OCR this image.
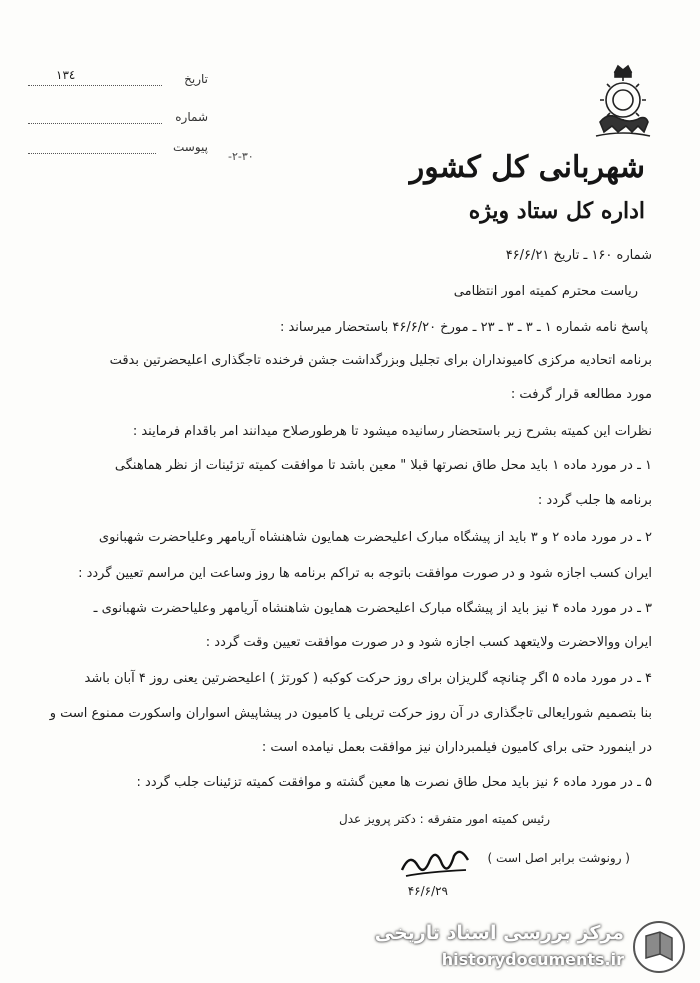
تاریخ
١٣٤
شماره
پیوست
-۲-۳۰	شهربانی کل کشور
اداره کل ستاد ویژه
شماره ۱۶۰ ـ تاریخ ۴۶/۶/۲۱
ریاست محترم کمیته امور انتظامی
پاسخ نامه شماره ۱ ـ ۳ ـ ۳ ـ ۲۳ ـ مورخ ۴۶/۶/۲۰ باستحضار میرساند :
برنامه اتحادیه مرکزی کامیونداران برای تجلیل وبزرگداشت جشن فرخنده تاجگذاری اعلیحضرتین بدقت
مورد مطالعه قرار گرفت :
نظرات این کمیته بشرح زیر باستحضار رسانیده میشود تا هرطورصلاح میدانند امر باقدام فرمایند :
۱ ـ در مورد ماده ۱ باید محل طاق نصرتها قبلا " معین باشد تا موافقت کمیته تزئینات از نظر هماهنگی
برنامه ها جلب گردد :
۲ ـ در مورد ماده ۲ و ۳ باید از پیشگاه مبارک اعلیحضرت همایون شاهنشاه آریامهر وعلیاحضرت شهبانوی
ایران کسب اجازه شود و در صورت موافقت باتوجه به تراکم برنامه ها روز وساعت این مراسم تعیین گردد :
۳ ـ در مورد ماده ۴ نیز باید از پیشگاه مبارک اعلیحضرت همایون شاهنشاه آریامهر وعلیاحضرت شهبانوی ـ
ایران ووالاحضرت ولایتعهد کسب اجازه شود و در صورت موافقت تعیین وقت گردد :
۴ ـ در مورد ماده ۵ اگر چنانچه گلریزان برای روز حرکت کوکبه ( کورتژ ) اعلیحضرتین یعنی روز ۴ آبان باشد
بنا بتصمیم شورایعالی تاجگذاری در آن روز حرکت تریلی یا کامیون در پیشاپیش اسواران واسکورت ممنوع است و
در اینمورد حتی برای کامیون فیلمبرداران نیز موافقت بعمل نیامده است :
۵ ـ در مورد ماده ۶ نیز باید محل طاق نصرت ها معین گشته و موافقت کمیته تزئینات جلب گردد :
رئیس کمیته امور متفرقه : دکتر پرویز عدل
( رونوشت برابر اصل است )
۴۶/۶/۲۹
مرکز بررسی اسناد تاریخی
historydocuments.ir
